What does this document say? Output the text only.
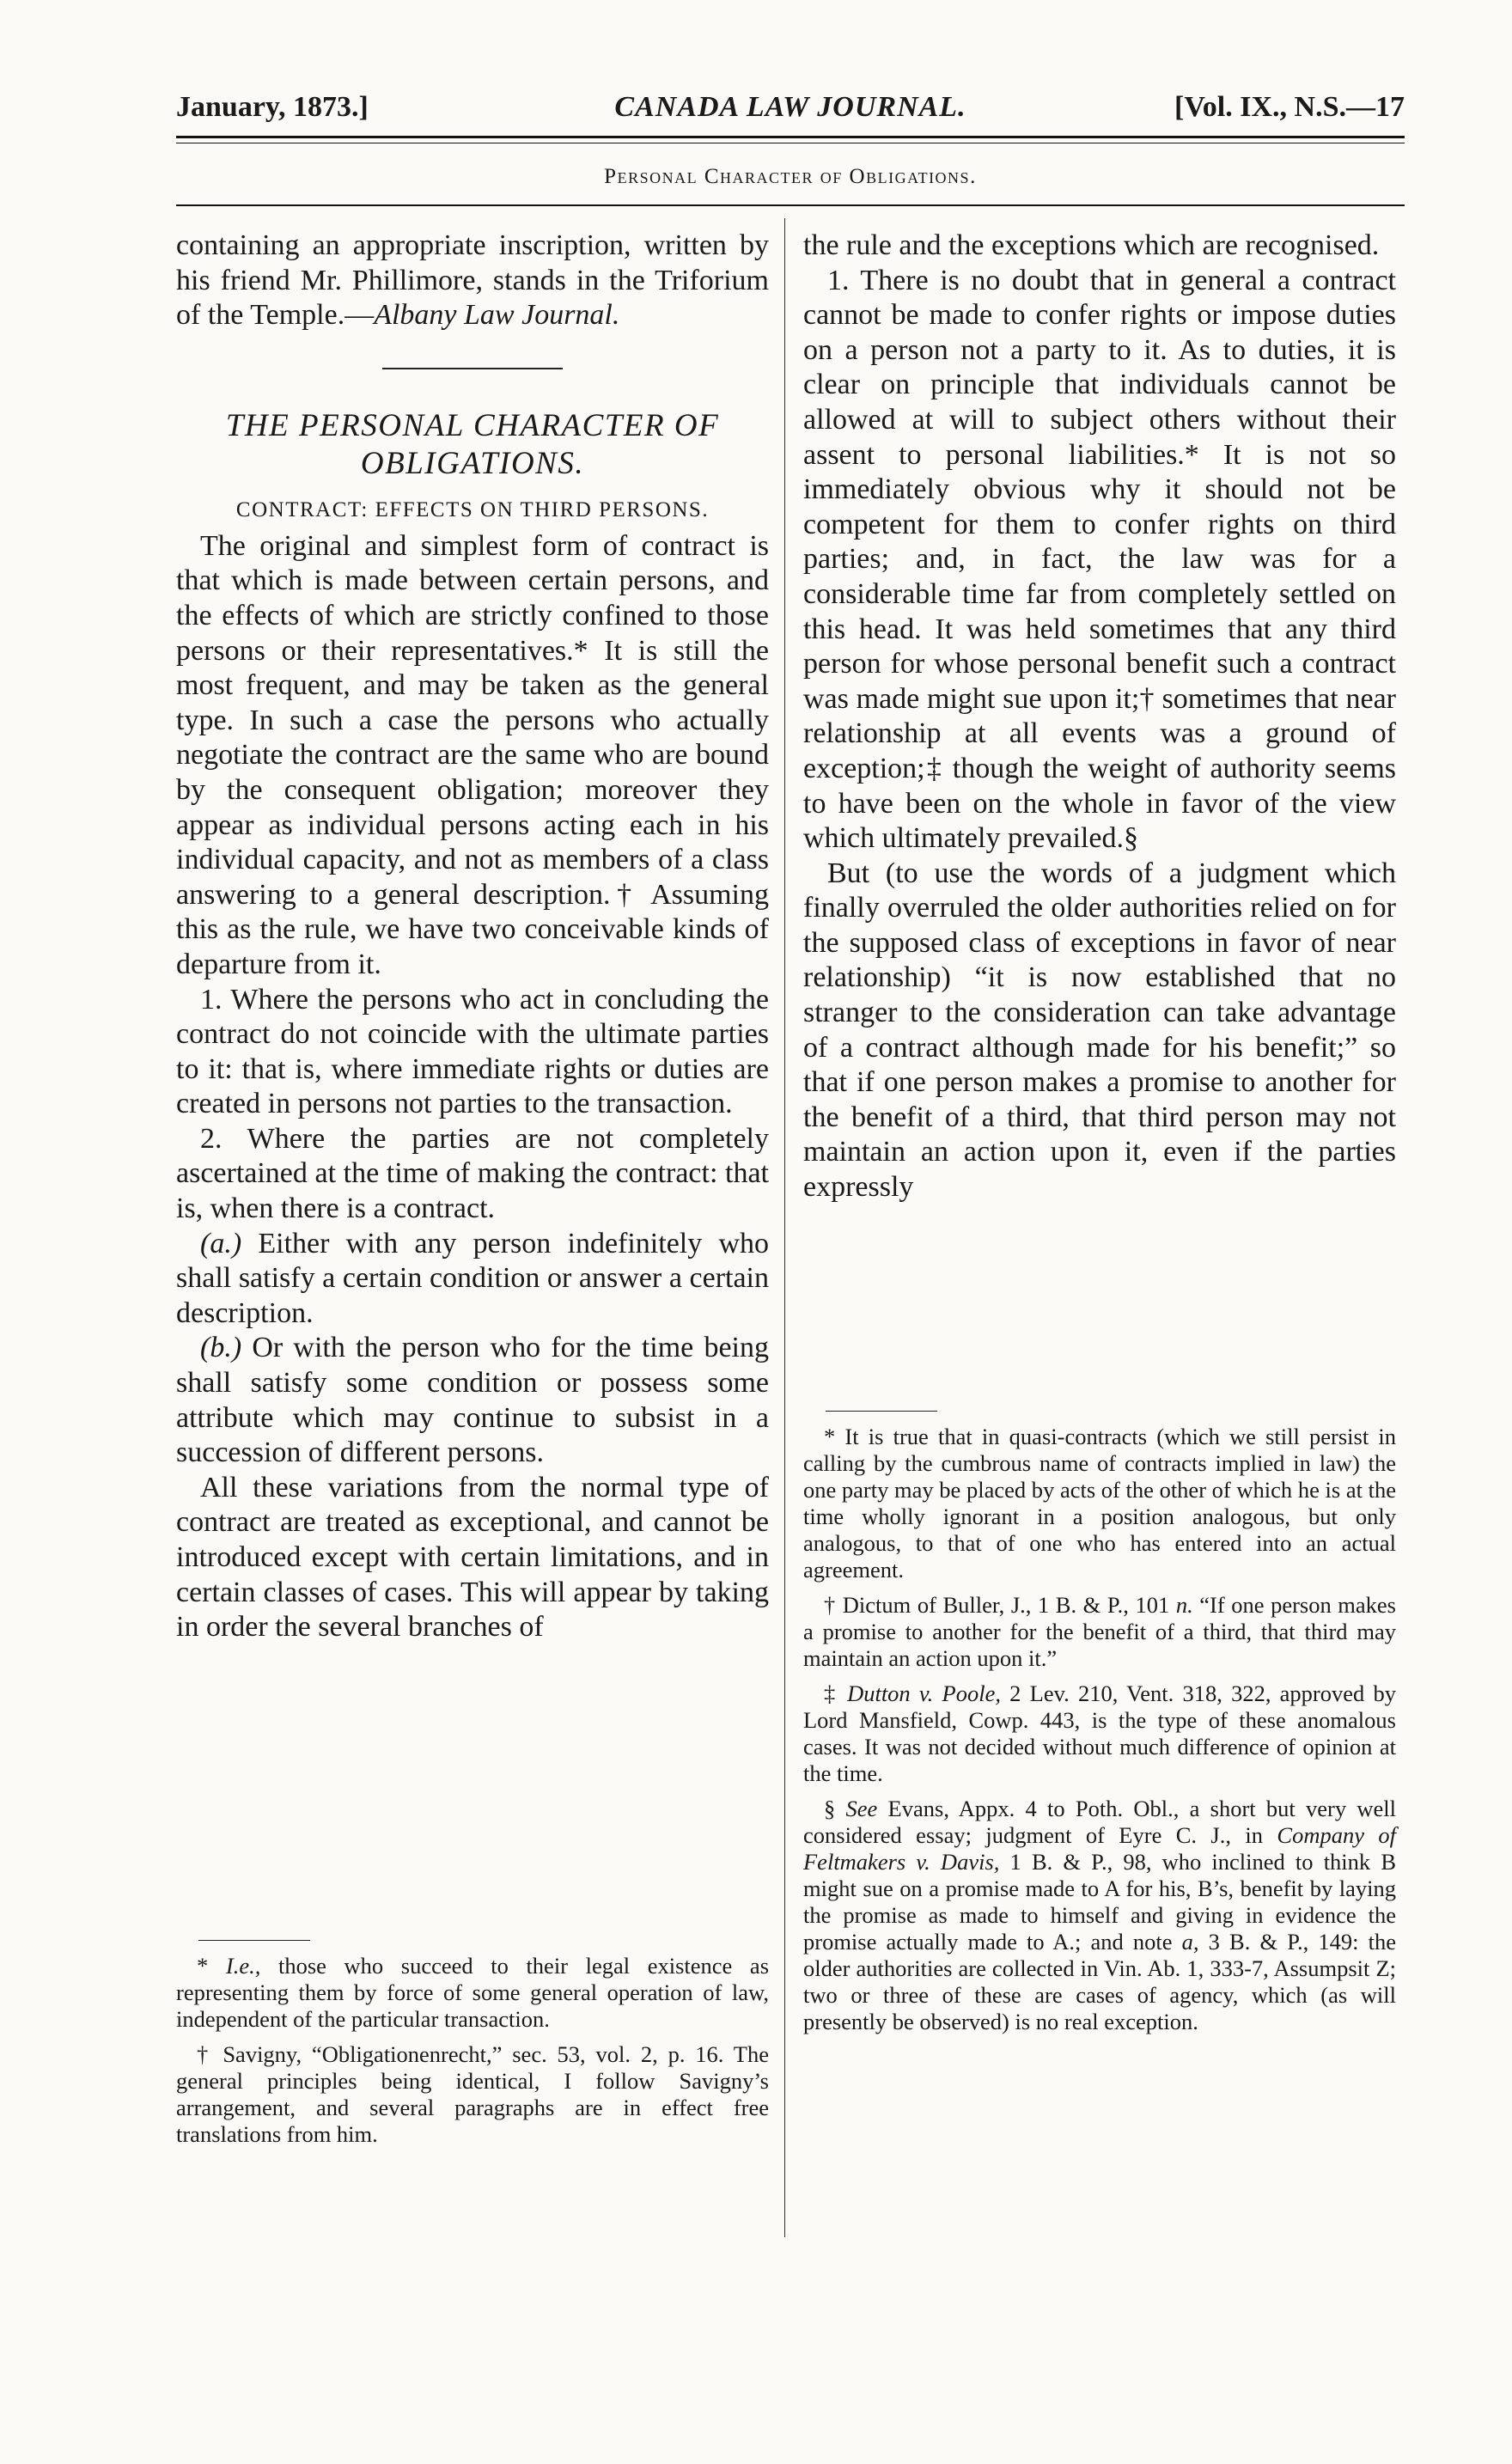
January, 1873.]	CANADA LAW JOURNAL.	[Vol. IX., N.S.—17
Personal Character of Obligations.

containing an appropriate inscription, written by his friend Mr. Phillimore, stands in the Triforium of the Temple.—Albany Law Journal.

THE PERSONAL CHARACTER OF OBLIGATIONS.
CONTRACT: EFFECTS ON THIRD PERSONS.

The original and simplest form of contract is that which is made between certain persons, and the effects of which are strictly confined to those persons or their representatives.* It is still the most frequent, and may be taken as the general type. In such a case the persons who actually negotiate the contract are the same who are bound by the consequent obligation; moreover they appear as individual persons acting each in his individual capacity, and not as members of a class answering to a general description.† Assuming this as the rule, we have two conceivable kinds of departure from it.

1. Where the persons who act in concluding the contract do not coincide with the ultimate parties to it: that is, where immediate rights or duties are created in persons not parties to the transaction.

2. Where the parties are not completely ascertained at the time of making the contract: that is, when there is a contract.

(a.) Either with any person indefinitely who shall satisfy a certain condition or answer a certain description.

(b.) Or with the person who for the time being shall satisfy some condition or possess some attribute which may continue to subsist in a succession of different persons.

All these variations from the normal type of contract are treated as exceptional, and cannot be introduced except with certain limitations, and in certain classes of cases. This will appear by taking in order the several branches of

* I.e., those who succeed to their legal existence as representing them by force of some general operation of law, independent of the particular transaction.

† Savigny, “Obligationenrecht,” sec. 53, vol. 2, p. 16. The general principles being identical, I follow Savigny’s arrangement, and several paragraphs are in effect free translations from him.

the rule and the exceptions which are recognised.

1. There is no doubt that in general a contract cannot be made to confer rights or impose duties on a person not a party to it. As to duties, it is clear on principle that individuals cannot be allowed at will to subject others without their assent to personal liabilities.* It is not so immediately obvious why it should not be competent for them to confer rights on third parties; and, in fact, the law was for a considerable time far from completely settled on this head. It was held sometimes that any third person for whose personal benefit such a contract was made might sue upon it;† sometimes that near relationship at all events was a ground of exception;‡ though the weight of authority seems to have been on the whole in favor of the view which ultimately prevailed.§

But (to use the words of a judgment which finally overruled the older authorities relied on for the supposed class of exceptions in favor of near relationship) “it is now established that no stranger to the consideration can take advantage of a contract although made for his benefit;” so that if one person makes a promise to another for the benefit of a third, that third person may not maintain an action upon it, even if the parties expressly

* It is true that in quasi-contracts (which we still persist in calling by the cumbrous name of contracts implied in law) the one party may be placed by acts of the other of which he is at the time wholly ignorant in a position analogous, but only analogous, to that of one who has entered into an actual agreement.

† Dictum of Buller, J., 1 B. & P., 101 n. “If one person makes a promise to another for the benefit of a third, that third may maintain an action upon it.”

‡ Dutton v. Poole, 2 Lev. 210, Vent. 318, 322, approved by Lord Mansfield, Cowp. 443, is the type of these anomalous cases. It was not decided without much difference of opinion at the time.

§ See Evans, Appx. 4 to Poth. Obl., a short but very well considered essay; judgment of Eyre C. J., in Company of Feltmakers v. Davis, 1 B. & P., 98, who inclined to think B might sue on a promise made to A for his, B’s, benefit by laying the promise as made to himself and giving in evidence the promise actually made to A.; and note a, 3 B. & P., 149: the older authorities are collected in Vin. Ab. 1, 333-7, Assumpsit Z; two or three of these are cases of agency, which (as will presently be observed) is no real exception.
